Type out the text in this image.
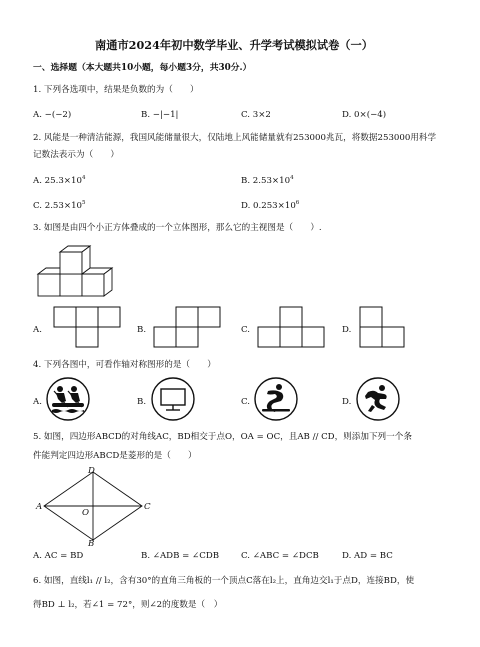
南通市2024年初中数学毕业、升学考试模拟试卷（一）
一、选择题（本大题共10小题，每小题3分，共30分.）
1. 下列各选项中，结果是负数的为（　　）
A. −(−2)	B. −|−1|	C. 3×2	D. 0×(−4)
2. 风能是一种清洁能源，我国风能储量很大，仅陆地上风能储量就有253000兆瓦，将数据253000用科学
记数法表示为（　　）
A. $25.3\times 10^4$	B. $2.53\times 10^4$
C. $2.53\times 10^5$	D. $0.253\times 10^6$
3. 如图是由四个小正方体叠成的一个立体图形，那么它的主视图是（　　）.
A.	B.	C.	D.
4. 下列各图中，可看作轴对称图形的是（　　）
A.	B.	C.	D.
5. 如图，四边形ABCD的对角线AC，BD相交于点O，OA = OC，且AB // CD，则添加下列一个条
件能判定四边形ABCD是菱形的是（　　）
D
A	C
B
O
A. AC = BD	B. ∠ADB = ∠CDB	C. ∠ABC = ∠DCB	D. AD = BC
6. 如图，直线l₁ // l₂，含有30°的直角三角板的一个顶点C落在l₂上，直角边交l₁于点D，连接BD，使
得BD ⊥ l₂，若∠1 = 72°，则∠2的度数是（　）
